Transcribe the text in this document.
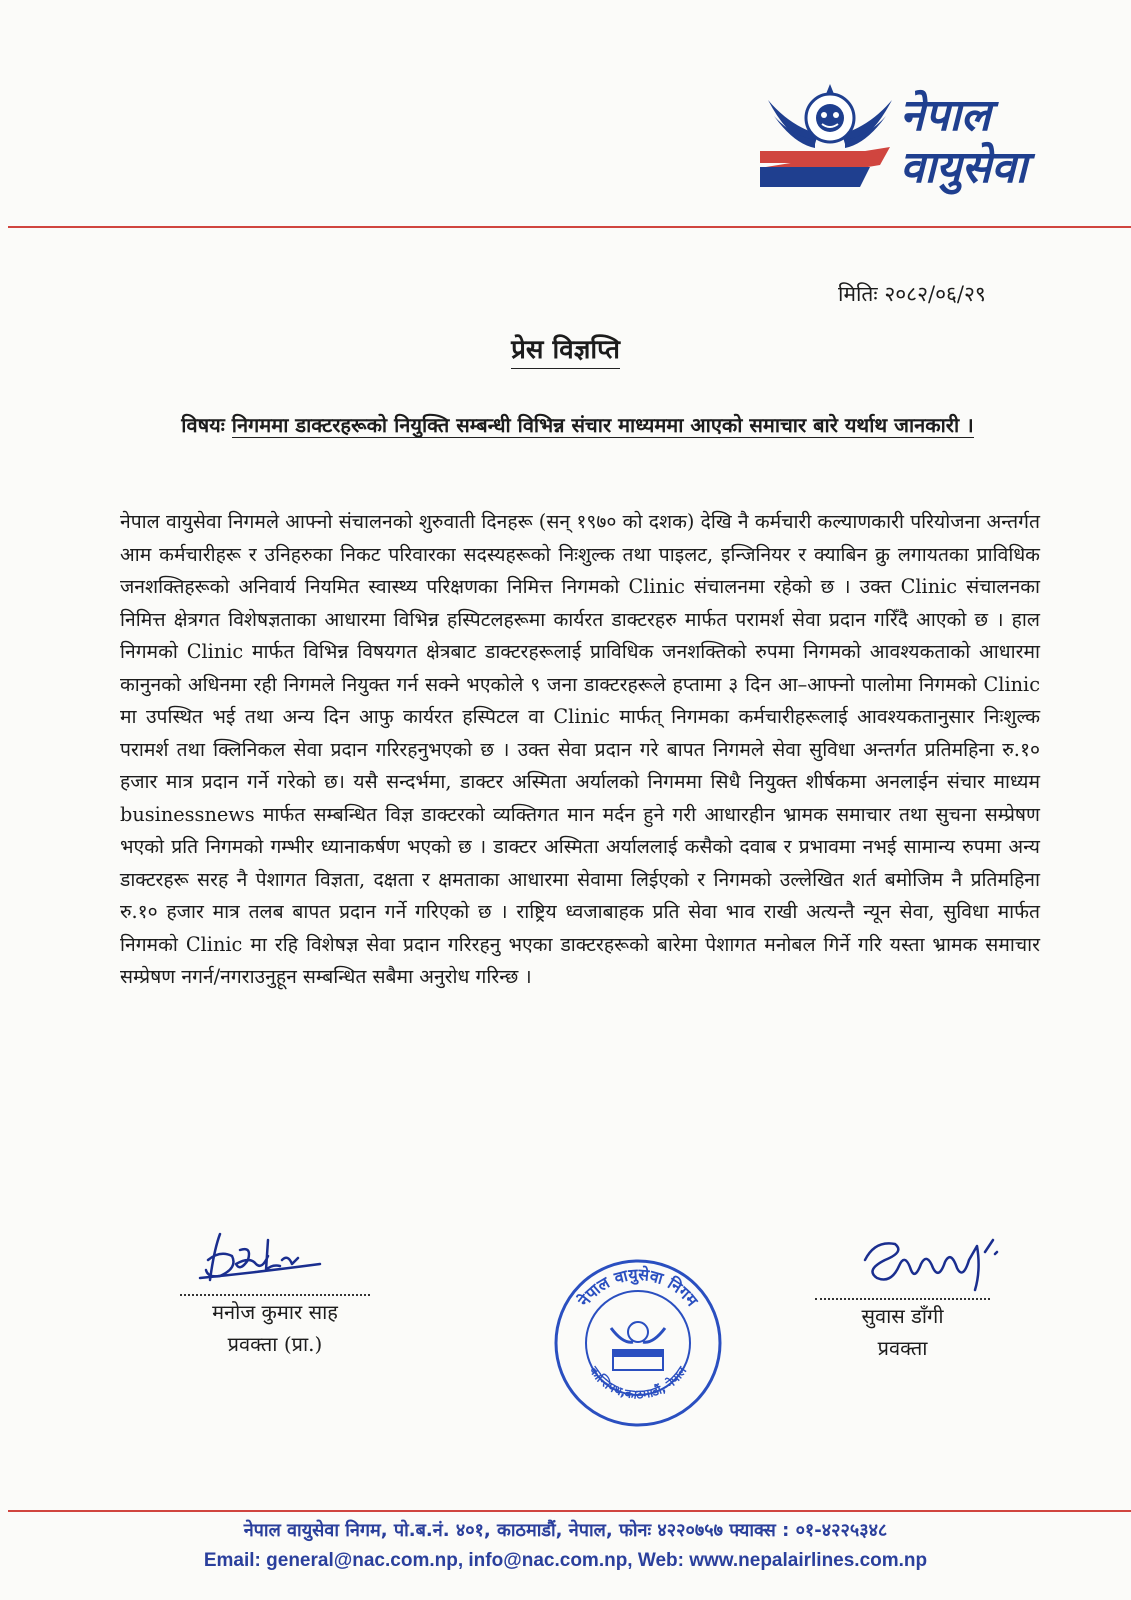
नेपाल
वायुसेवा
मितिः २०८२/०६/२९
प्रेस विज्ञप्ति
विषयः निगममा डाक्टरहरूको नियुक्ति सम्बन्धी विभिन्न संचार माध्यममा आएको समाचार बारे यर्थाथ जानकारी ।
नेपाल वायुसेवा निगमले आफ्नो संचालनको शुरुवाती दिनहरू (सन् १९७० को दशक) देखि नै कर्मचारी कल्याणकारी परियोजना अन्तर्गत आम कर्मचारीहरू र उनिहरुका निकट परिवारका सदस्यहरूको निःशुल्क तथा पाइलट, इन्जिनियर र क्याबिन क्रु लगायतका प्राविधिक जनशक्तिहरूको अनिवार्य नियमित स्वास्थ्य परिक्षणका निमित्त निगमको Clinic संचालनमा रहेको छ । उक्त Clinic संचालनका निमित्त क्षेत्रगत विशेषज्ञताका आधारमा विभिन्न हस्पिटलहरूमा कार्यरत डाक्टरहरु मार्फत परामर्श सेवा प्रदान गरिँदै आएको छ । हाल निगमको Clinic मार्फत विभिन्न विषयगत क्षेत्रबाट डाक्टरहरूलाई प्राविधिक जनशक्तिको रुपमा निगमको आवश्यकताको आधारमा कानुनको अधिनमा रही निगमले नियुक्त गर्न सक्ने भएकोले ९ जना डाक्टरहरूले हप्तामा ३ दिन आ–आफ्नो पालोमा निगमको Clinic मा उपस्थित भई तथा अन्य दिन आफु कार्यरत हस्पिटल वा Clinic मार्फत् निगमका कर्मचारीहरूलाई आवश्यकतानुसार निःशुल्क परामर्श तथा क्लिनिकल सेवा प्रदान गरिरहनुभएको छ । उक्त सेवा प्रदान गरे बापत निगमले सेवा सुविधा अन्तर्गत प्रतिमहिना रु.१० हजार मात्र प्रदान गर्ने गरेको छ। यसै सन्दर्भमा, डाक्टर अस्मिता अर्यालको निगममा सिधै नियुक्त शीर्षकमा अनलाईन संचार माध्यम businessnews मार्फत सम्बन्धित विज्ञ डाक्टरको व्यक्तिगत मान मर्दन हुने गरी आधारहीन भ्रामक समाचार तथा सुचना सम्प्रेषण भएको प्रति निगमको गम्भीर ध्यानाकर्षण भएको छ । डाक्टर अस्मिता अर्याललाई कसैको दवाब र प्रभावमा नभई सामान्य रुपमा अन्य डाक्टरहरू सरह नै पेशागत विज्ञता, दक्षता र क्षमताका आधारमा सेवामा लिईएको र निगमको उल्लेखित शर्त बमोजिम नै प्रतिमहिना रु.१० हजार मात्र तलब बापत प्रदान गर्ने गरिएको छ । राष्ट्रिय ध्वजाबाहक प्रति सेवा भाव राखी अत्यन्तै न्यून सेवा, सुविधा मार्फत निगमको Clinic मा रहि विशेषज्ञ सेवा प्रदान गरिरहनु भएका डाक्टरहरूको बारेमा पेशागत मनोबल गिर्ने गरि यस्ता भ्रामक समाचार सम्प्रेषण नगर्न/नगराउनुहून सम्बन्धित सबैमा अनुरोध गरिन्छ ।
मनोज कुमार साह
प्रवक्ता (प्रा.)
नेपाल वायुसेवा निगम
कान्तिपथ,काठमाडौं, नेपाल
सुवास डाँगी
प्रवक्ता
नेपाल वायुसेवा निगम, पो.ब.नं. ४०१, काठमाडौं, नेपाल, फोनः ४२२०७५७ फ्याक्स : ०१-४२२५३४८
Email: general@nac.com.np, info@nac.com.np, Web: www.nepalairlines.com.np
